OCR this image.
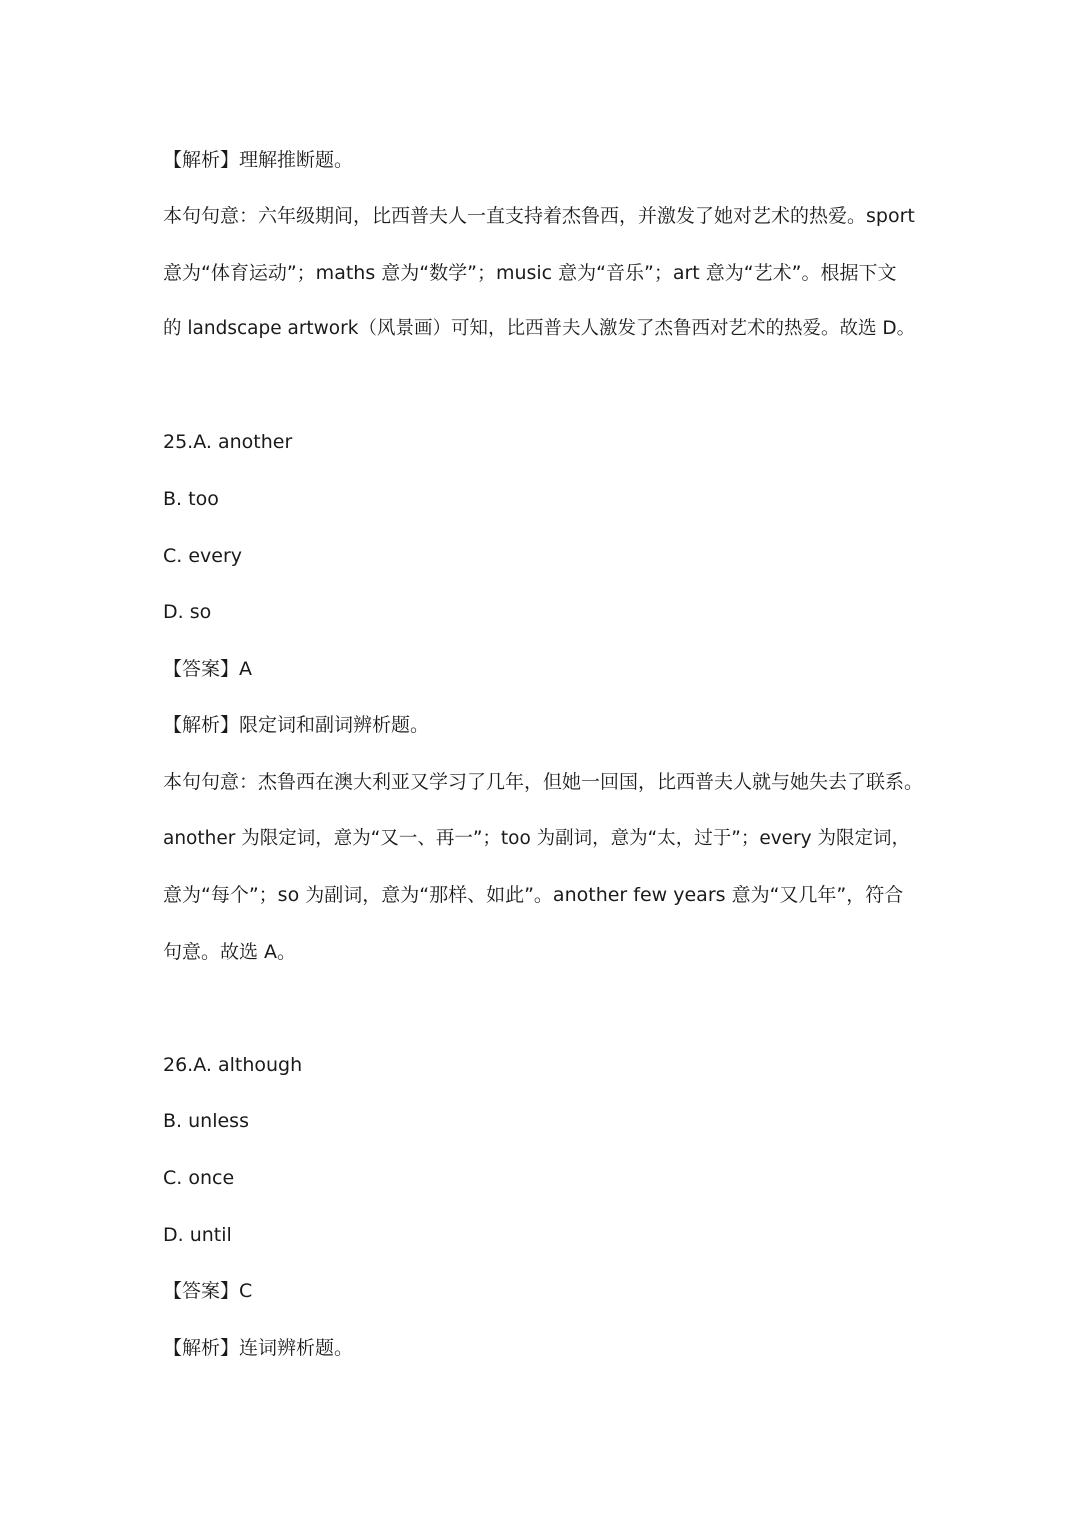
【解析】理解推断题。
本句句意：六年级期间，比西普夫人一直支持着杰鲁西，并激发了她对艺术的热爱。sport
意为“体育运动”；maths 意为“数学”；music 意为“音乐”；art 意为“艺术”。根据下文
的 landscape artwork（风景画）可知，比西普夫人激发了杰鲁西对艺术的热爱。故选 D。
25.A. another
B. too
C. every
D. so
【答案】A
【解析】限定词和副词辨析题。
本句句意：杰鲁西在澳大利亚又学习了几年，但她一回国，比西普夫人就与她失去了联系。
another 为限定词，意为“又一、再一”；too 为副词，意为“太，过于”；every 为限定词，
意为“每个”；so 为副词，意为“那样、如此”。another few years 意为“又几年”，符合
句意。故选 A。
26.A. although
B. unless
C. once
D. until
【答案】C
【解析】连词辨析题。
